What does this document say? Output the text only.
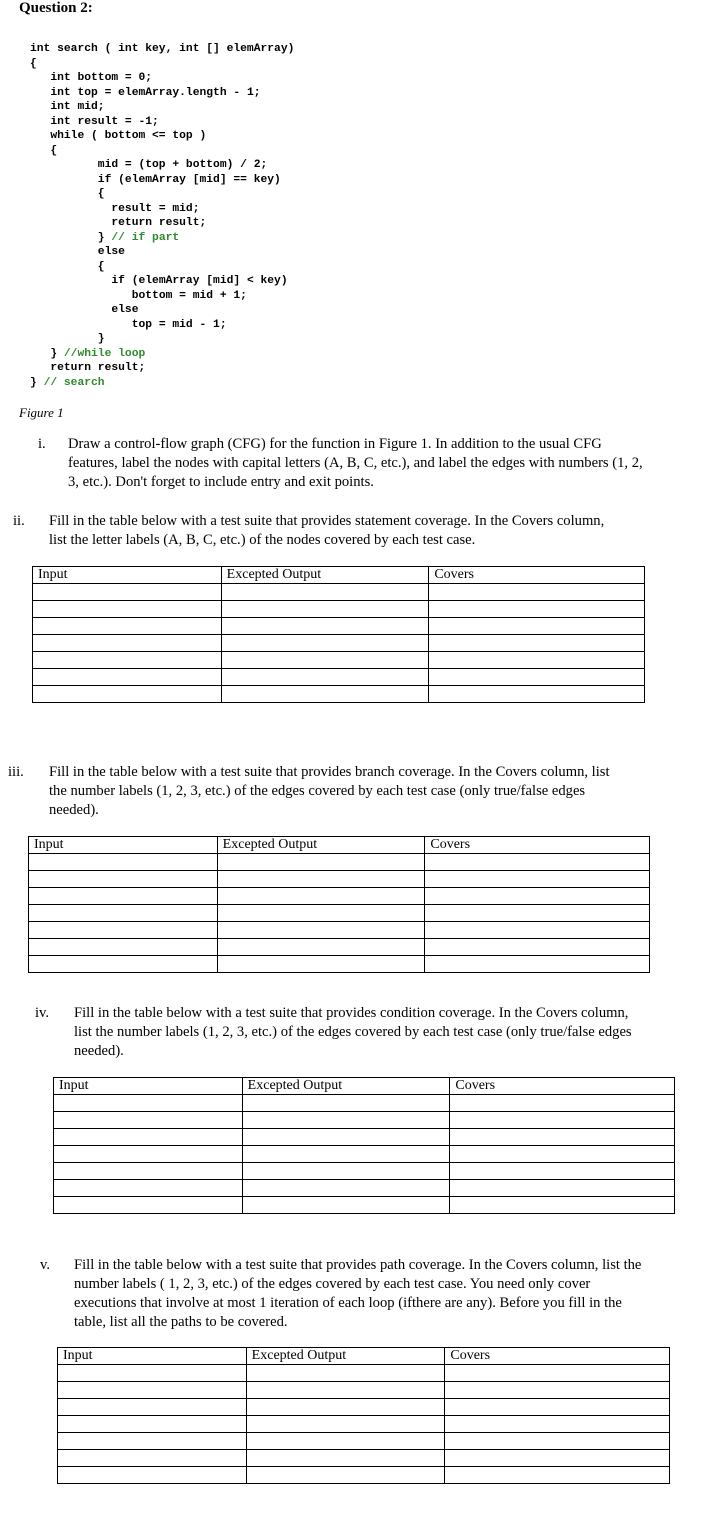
Question 2:
int search ( int key, int [] elemArray)
{
int bottom = 0;
int top = elemArray.length - 1;
int mid;
int result = -1;
while ( bottom <= top )
{
mid = (top + bottom) / 2;
if (elemArray [mid] == key)
{
result = mid;
return result;
} // if part
else
{
if (elemArray [mid] < key)
bottom = mid + 1;
else
top = mid - 1;
}
} //while loop
return result;
} // search
Figure 1
i. Draw a control-flow graph (CFG) for the function in Figure 1. In addition to the usual CFG
features, label the nodes with capital letters (A, B, C, etc.), and label the edges with numbers (1, 2,
3, etc.). Don't forget to include entry and exit points.
ii. Fill in the table below with a test suite that provides statement coverage. In the Covers column,
list the letter labels (A, B, C, etc.) of the nodes covered by each test case.
Input	Excepted Output	Covers

iii. Fill in the table below with a test suite that provides branch coverage. In the Covers column, list
the number labels (1, 2, 3, etc.) of the edges covered by each test case (only true/false edges
needed).
Input	Excepted Output	Covers

iv. Fill in the table below with a test suite that provides condition coverage. In the Covers column,
list the number labels (1, 2, 3, etc.) of the edges covered by each test case (only true/false edges
needed).
Input	Excepted Output	Covers

v. Fill in the table below with a test suite that provides path coverage. In the Covers column, list the
number labels ( 1, 2, 3, etc.) of the edges covered by each test case. You need only cover
executions that involve at most 1 iteration of each loop (ifthere are any). Before you fill in the
table, list all the paths to be covered.
Input	Excepted Output	Covers
